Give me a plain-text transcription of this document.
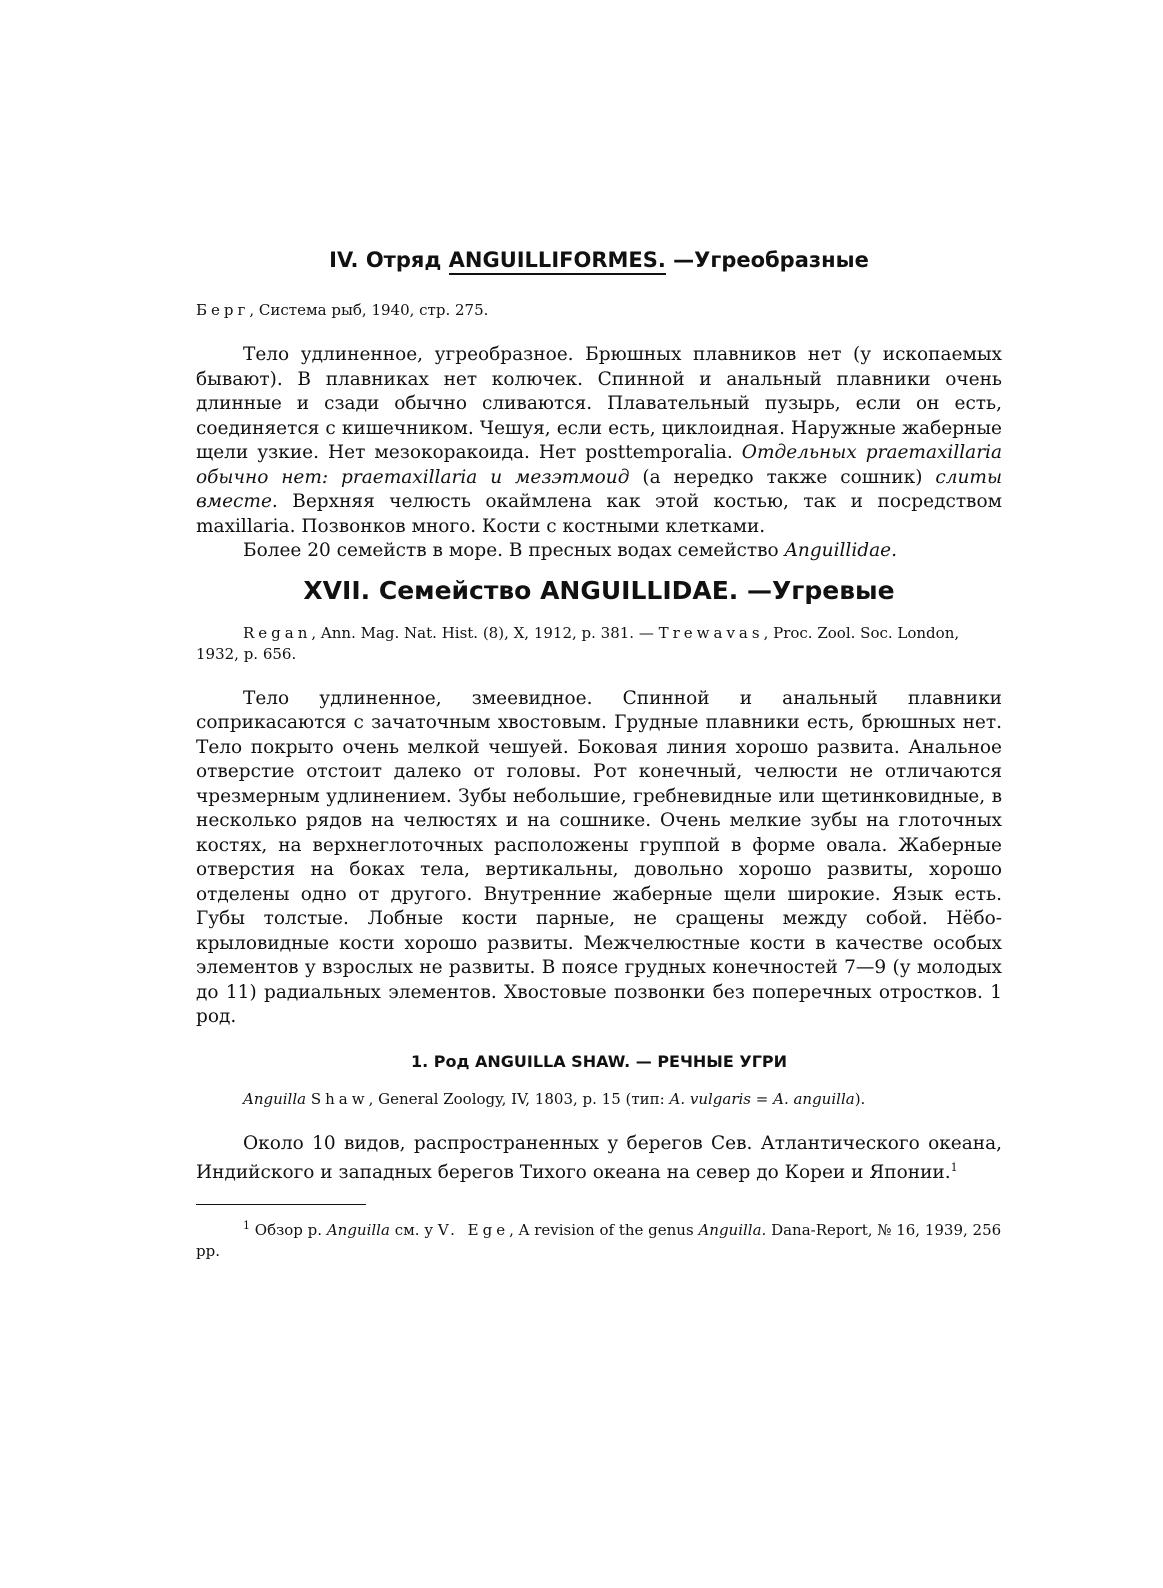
IV. Отряд ANGUILLIFORMES. —Угреобразные

Берг, Система рыб, 1940, стр. 275.

Тело удлиненное, угреобразное. Брюшных плавников нет (у ископаемых бывают). В плавниках нет колючек. Спинной и анальный плавники очень длинные и сзади обычно сливаются. Плавательный пузырь, если он есть, соединяется с кишечником. Чешуя, если есть, циклоидная. Наружные жаберные щели узкие. Нет мезокоракоида. Нет posttemporalia. Отдельных praemaxillaria обычно нет: praemaxillaria и мезэтмоид (а нередко также сошник) слиты вместе. Верхняя челюсть окаймлена как этой костью, так и посредством maxillaria. Позвонков много. Кости с костными клетками.

Более 20 семейств в море. В пресных водах семейство Anguillidae.

XVII. Семейство ANGUILLIDAE. —Угревые

Regan, Ann. Mag. Nat. Hist. (8), X, 1912, p. 381. — Trewavas, Proc. Zool. Soc. London, 1932, p. 656.

Тело удлиненное, змеевидное. Спинной и анальный плавники соприкасаются с зачаточным хвостовым. Грудные плавники есть, брюшных нет. Тело покрыто очень мелкой чешуей. Боковая линия хорошо развита. Анальное отверстие отстоит далеко от головы. Рот конечный, челюсти не отличаются чрезмерным удлинением. Зубы небольшие, гребневидные или щетинковидные, в несколько рядов на челюстях и на сошнике. Очень мелкие зубы на глоточных костях, на верхнеглоточных расположены группой в форме овала. Жаберные отверстия на боках тела, вертикальны, довольно хорошо развиты, хорошо отделены одно от другого. Внутренние жаберные щели широкие. Язык есть. Губы толстые. Лобные кости парные, не сращены между собой. Нёбо-крыловидные кости хорошо развиты. Межчелюстные кости в качестве особых элементов у взрослых не развиты. В поясе грудных конечностей 7—9 (у молодых до 11) радиальных элементов. Хвостовые позвонки без поперечных отростков. 1 род.

1. Род ANGUILLA SHAW. — РЕЧНЫЕ УГРИ

Anguilla Shaw, General Zoology, IV, 1803, p. 15 (тип: A. vulgaris = A. anguilla).

Около 10 видов, распространенных у берегов Сев. Атлантического океана, Индийского и западных берегов Тихого океана на север до Кореи и Японии.$^1$

$^1$ Обзор р. Anguilla см. у V. Ege, A revision of the genus Anguilla. Dana-Report, № 16, 1939, 256 pp.
